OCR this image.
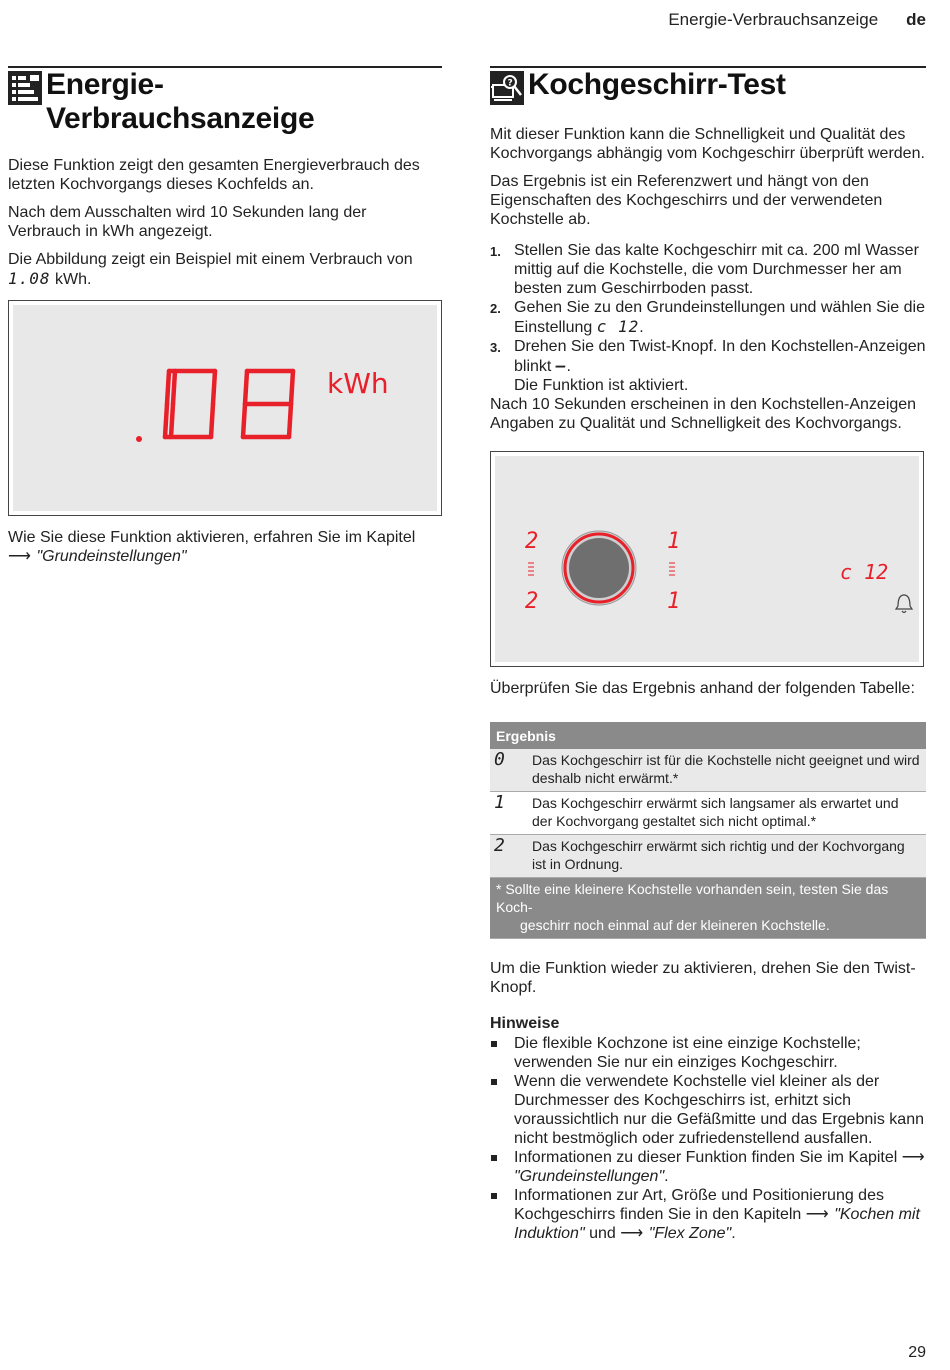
Energie-Verbrauchsanzeige de
Energie-
Verbrauchsanzeige

Diese Funktion zeigt den gesamten Energieverbrauch des letzten Kochvorgangs dieses Kochfelds an.

Nach dem Ausschalten wird 10 Sekunden lang der Verbrauch in kWh angezeigt.

Die Abbildung zeigt ein Beispiel mit einem Verbrauch von 1.08 kWh.

kWh

Wie Sie diese Funktion aktivieren, erfahren Sie im Kapitel ⟶ "Grundeinstellungen"

? Kochgeschirr-Test

Mit dieser Funktion kann die Schnelligkeit und Qualität des Kochvorgangs abhängig vom Kochgeschirr überprüft werden.

Das Ergebnis ist ein Referenzwert und hängt von den Eigenschaften des Kochgeschirrs und der verwendeten Kochstelle ab.

1. Stellen Sie das kalte Kochgeschirr mit ca. 200 ml Wasser mittig auf die Kochstelle, die vom Durchmesser her am besten zum Geschirrboden passt.
2. Gehen Sie zu den Grundeinstellungen und wählen Sie die Einstellung c 12.
3. Drehen Sie den Twist-Knopf. In den Kochstellen-Anzeigen blinkt –.
Die Funktion ist aktiviert.

Nach 10 Sekunden erscheinen in den Kochstellen-Anzeigen Angaben zu Qualität und Schnelligkeit des Kochvorgangs.

2
2
1
1
c 12

Überprüfen Sie das Ergebnis anhand der folgenden Tabelle:

Ergebnis	
0	Das Kochgeschirr ist für die Kochstelle nicht geeignet und wird deshalb nicht erwärmt.*
1	Das Kochgeschirr erwärmt sich langsamer als erwartet und der Kochvorgang gestaltet sich nicht optimal.*
2	Das Kochgeschirr erwärmt sich richtig und der Kochvorgang ist in Ordnung.
* Sollte eine kleinere Kochstelle vorhanden sein, testen Sie das Koch-
geschirr noch einmal auf der kleineren Kochstelle.	

Um die Funktion wieder zu aktivieren, drehen Sie den Twist-Knopf.

Hinweise
Die flexible Kochzone ist eine einzige Kochstelle; verwenden Sie nur ein einziges Kochgeschirr.
Wenn die verwendete Kochstelle viel kleiner als der Durchmesser des Kochgeschirrs ist, erhitzt sich voraussichtlich nur die Gefäßmitte und das Ergebnis kann nicht bestmöglich oder zufriedenstellend ausfallen.
Informationen zu dieser Funktion finden Sie im Kapitel ⟶ "Grundeinstellungen".
Informationen zur Art, Größe und Positionierung des Kochgeschirrs finden Sie in den Kapiteln ⟶ "Kochen mit Induktion" und ⟶ "Flex Zone".
29
